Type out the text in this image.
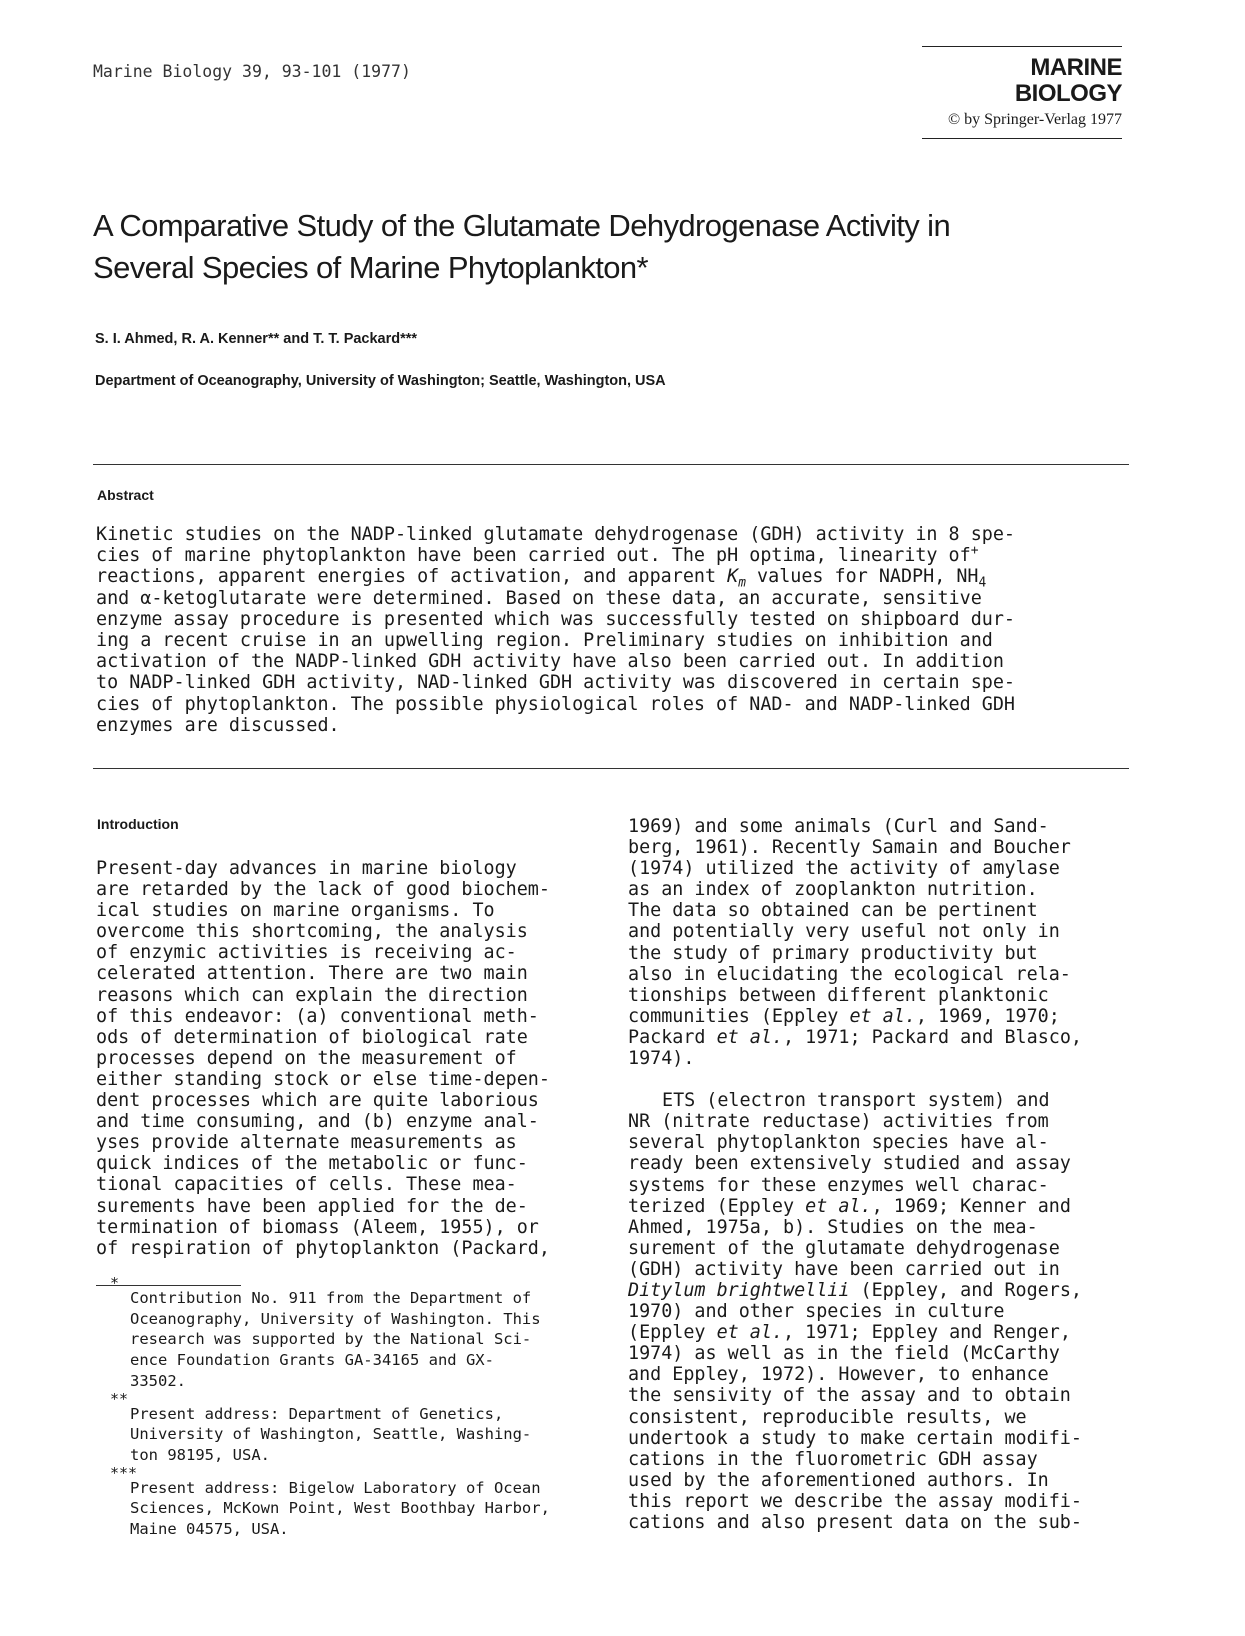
Marine Biology 39, 93-101 (1977)	MARINE BIOLOGY
© by Springer-Verlag 1977
A Comparative Study of the Glutamate Dehydrogenase Activity in
Several Species of Marine Phytoplankton*
S. I. Ahmed, R. A. Kenner** and T. T. Packard***
Department of Oceanography, University of Washington; Seattle, Washington, USA
Abstract
Kinetic studies on the NADP-linked glutamate dehydrogenase (GDH) activity in 8 spe-
cies of marine phytoplankton have been carried out. The pH optima, linearity of+
reactions, apparent energies of activation, and apparent $K_m$ values for NADPH, $NH_4$
and α-ketoglutarate were determined. Based on these data, an accurate, sensitive
enzyme assay procedure is presented which was successfully tested on shipboard dur-
ing a recent cruise in an upwelling region. Preliminary studies on inhibition and
activation of the NADP-linked GDH activity have also been carried out. In addition
to NADP-linked GDH activity, NAD-linked GDH activity was discovered in certain spe-
cies of phytoplankton. The possible physiological roles of NAD- and NADP-linked GDH
enzymes are discussed.
Introduction
Present-day advances in marine biology
are retarded by the lack of good biochem-
ical studies on marine organisms. To
overcome this shortcoming, the analysis
of enzymic activities is receiving ac-
celerated attention. There are two main
reasons which can explain the direction
of this endeavor: (a) conventional meth-
ods of determination of biological rate
processes depend on the measurement of
either standing stock or else time-depen-
dent processes which are quite laborious
and time consuming, and (b) enzyme anal-
yses provide alternate measurements as
quick indices of the metabolic or func-
tional capacities of cells. These mea-
surements have been applied for the de-
termination of biomass (Aleem, 1955), or
of respiration of phytoplankton (Packard,
1969) and some animals (Curl and Sand-
berg, 1961). Recently Samain and Boucher
(1974) utilized the activity of amylase
as an index of zooplankton nutrition.
The data so obtained can be pertinent
and potentially very useful not only in
the study of primary productivity but
also in elucidating the ecological rela-
tionships between different planktonic
communities (Eppley et al., 1969, 1970;
Packard et al., 1971; Packard and Blasco,
1974).
ETS (electron transport system) and
NR (nitrate reductase) activities from
several phytoplankton species have al-
ready been extensively studied and assay
systems for these enzymes well charac-
terized (Eppley et al., 1969; Kenner and
Ahmed, 1975a, b). Studies on the mea-
surement of the glutamate dehydrogenase
(GDH) activity have been carried out in
Ditylum brightwellii (Eppley, and Rogers,
1970) and other species in culture
(Eppley et al., 1971; Eppley and Renger,
1974) as well as in the field (McCarthy
and Eppley, 1972). However, to enhance
the sensivity of the assay and to obtain
consistent, reproducible results, we
undertook a study to make certain modifi-
cations in the fluorometric GDH assay
used by the aforementioned authors. In
this report we describe the assay modifi-
cations and also present data on the sub-
*
Contribution No. 911 from the Department of
Oceanography, University of Washington. This
research was supported by the National Sci-
ence Foundation Grants GA-34165 and GX-
33502.
**
Present address: Department of Genetics,
University of Washington, Seattle, Washing-
ton 98195, USA.
***
Present address: Bigelow Laboratory of Ocean
Sciences, McKown Point, West Boothbay Harbor,
Maine 04575, USA.
